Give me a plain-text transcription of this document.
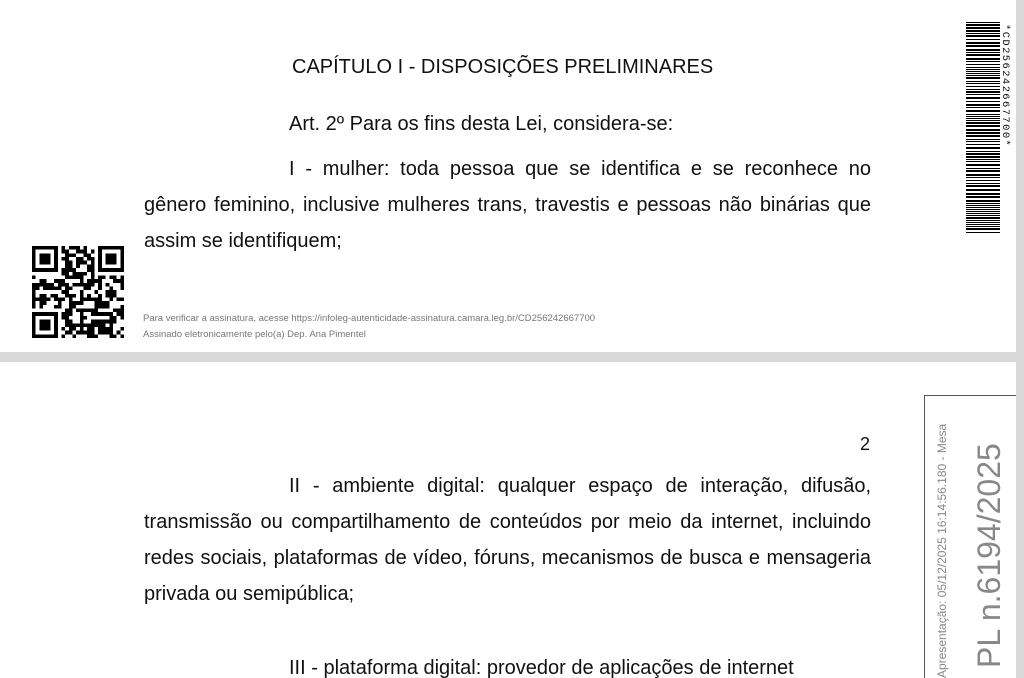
CAPÍTULO I - DISPOSIÇÕES PRELIMINARES
Art. 2º Para os fins desta Lei, considera-se:
I - mulher: toda pessoa que se identifica e se reconhece no gênero feminino, inclusive mulheres trans, travestis e pessoas não binárias que assim se identifiquem;
Para verificar a assinatura, acesse https://infoleg-autenticidade-assinatura.camara.leg.br/CD256242667700
Assinado eletronicamente pelo(a) Dep. Ana Pimentel
*CD256242667700*
2
II - ambiente digital: qualquer espaço de interação, difusão, transmissão ou compartilhamento de conteúdos por meio da internet, incluindo redes sociais, plataformas de vídeo, fóruns, mecanismos de busca e mensageria privada ou semipública;
III - plataforma digital: provedor de aplicações de internet	PL n.6194/2025
Apresentação: 05/12/2025 16:14:56.180 - Mesa
